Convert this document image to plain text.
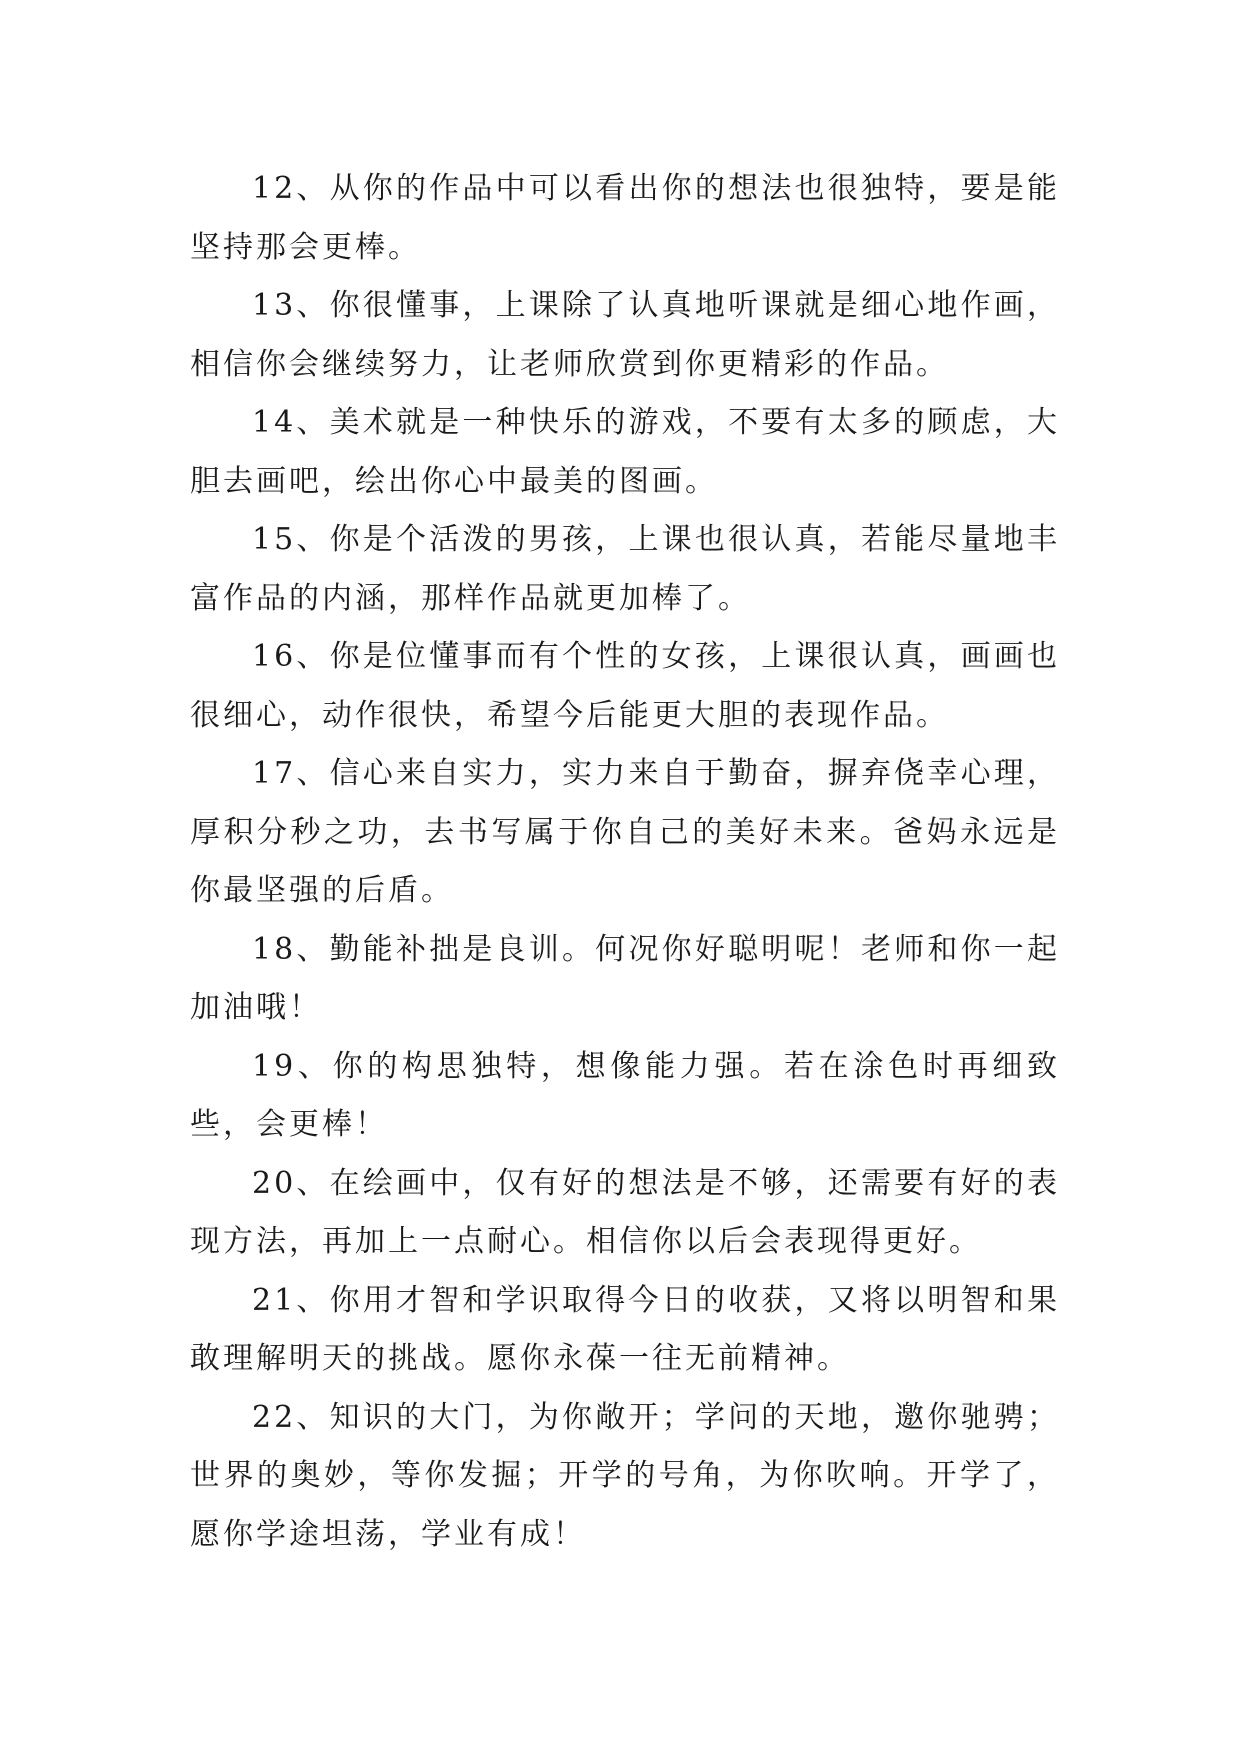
12、从你的作品中可以看出你的想法也很独特，要是能坚持那会更棒。

13、你很懂事，上课除了认真地听课就是细心地作画，相信你会继续努力，让老师欣赏到你更精彩的作品。

14、美术就是一种快乐的游戏，不要有太多的顾虑，大胆去画吧，绘出你心中最美的图画。

15、你是个活泼的男孩，上课也很认真，若能尽量地丰富作品的内涵，那样作品就更加棒了。

16、你是位懂事而有个性的女孩，上课很认真，画画也很细心，动作很快，希望今后能更大胆的表现作品。

17、信心来自实力，实力来自于勤奋，摒弃侥幸心理，厚积分秒之功，去书写属于你自己的美好未来。爸妈永远是你最坚强的后盾。

18、勤能补拙是良训。何况你好聪明呢！老师和你一起加油哦！

19、你的构思独特，想像能力强。若在涂色时再细致些，会更棒！

20、在绘画中，仅有好的想法是不够，还需要有好的表现方法，再加上一点耐心。相信你以后会表现得更好。

21、你用才智和学识取得今日的收获，又将以明智和果敢理解明天的挑战。愿你永葆一往无前精神。

22、知识的大门，为你敞开；学问的天地，邀你驰骋；世界的奥妙，等你发掘；开学的号角，为你吹响。开学了，愿你学途坦荡，学业有成！
